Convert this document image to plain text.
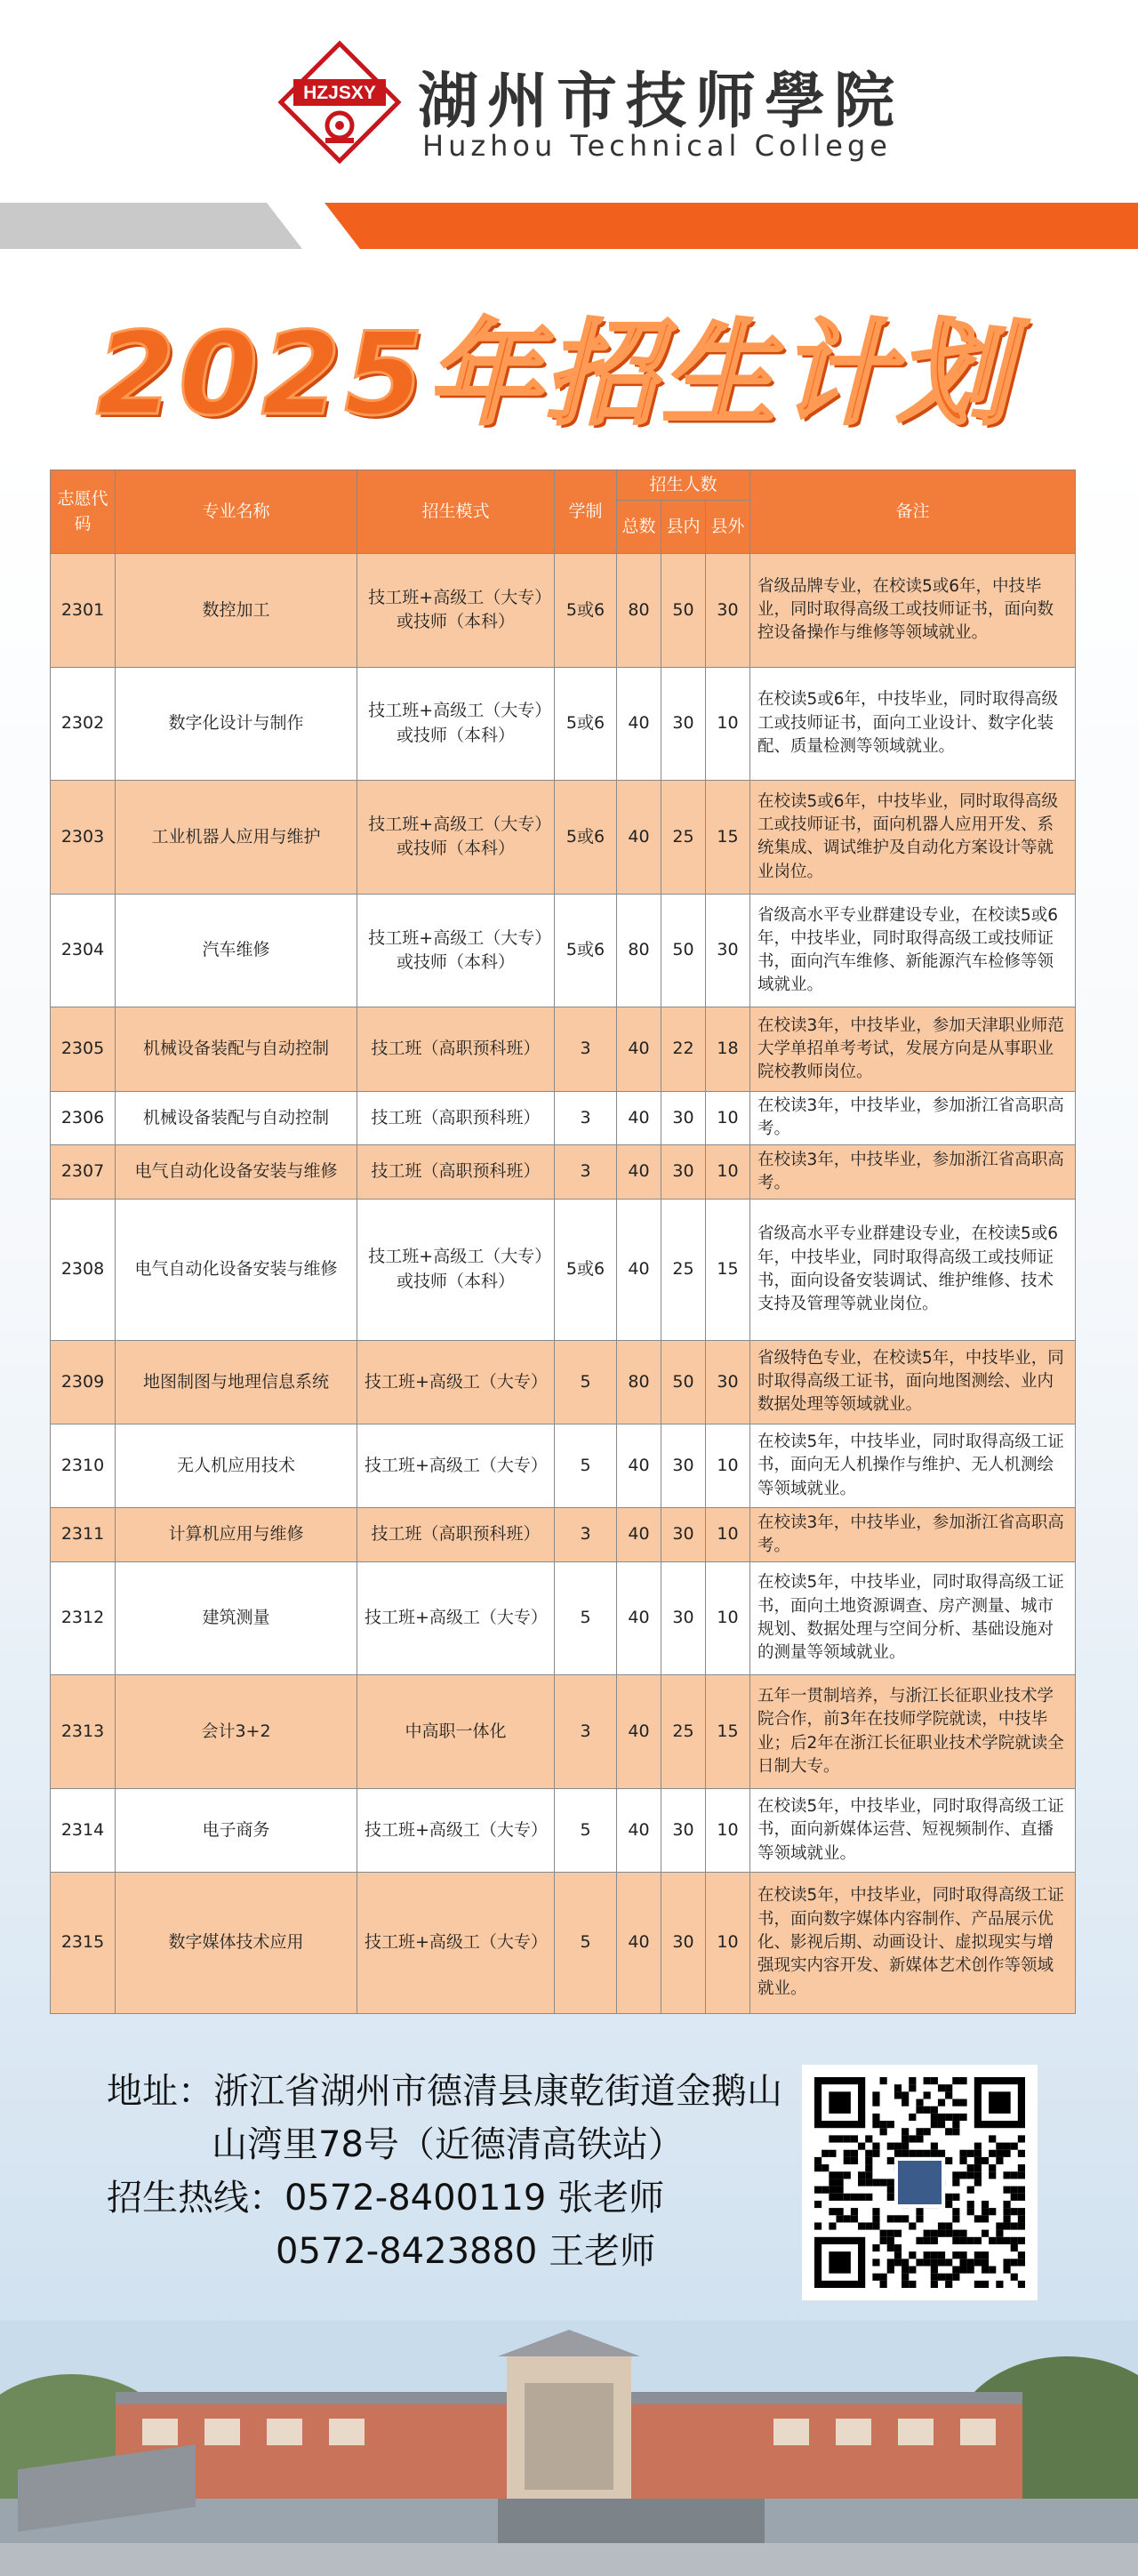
HZJSXY 湖州市技师學院
Huzhou Technical College
2025年招生计划
志愿代码	专业名称	招生模式	学制	招生人数			备注
				总数	县内	县外	
2301	数控加工	技工班+高级工（大专）或技师（本科）	5或6	80	50	30	省级品牌专业，在校读5或6年，中技毕业，同时取得高级工或技师证书，面向数控设备操作与维修等领域就业。
2302	数字化设计与制作	技工班+高级工（大专）或技师（本科）	5或6	40	30	10	在校读5或6年，中技毕业，同时取得高级工或技师证书，面向工业设计、数字化装配、质量检测等领域就业。
2303	工业机器人应用与维护	技工班+高级工（大专）或技师（本科）	5或6	40	25	15	在校读5或6年，中技毕业，同时取得高级工或技师证书，面向机器人应用开发、系统集成、调试维护及自动化方案设计等就业岗位。
2304	汽车维修	技工班+高级工（大专）或技师（本科）	5或6	80	50	30	省级高水平专业群建设专业，在校读5或6年，中技毕业，同时取得高级工或技师证书，面向汽车维修、新能源汽车检修等领域就业。
2305	机械设备装配与自动控制	技工班（高职预科班）	3	40	22	18	在校读3年，中技毕业，参加天津职业师范大学单招单考考试，发展方向是从事职业院校教师岗位。
2306	机械设备装配与自动控制	技工班（高职预科班）	3	40	30	10	在校读3年，中技毕业，参加浙江省高职高考。
2307	电气自动化设备安装与维修	技工班（高职预科班）	3	40	30	10	在校读3年，中技毕业，参加浙江省高职高考。
2308	电气自动化设备安装与维修	技工班+高级工（大专）或技师（本科）	5或6	40	25	15	省级高水平专业群建设专业，在校读5或6年，中技毕业，同时取得高级工或技师证书，面向设备安装调试、维护维修、技术支持及管理等就业岗位。
2309	地图制图与地理信息系统	技工班+高级工（大专）	5	80	50	30	省级特色专业，在校读5年，中技毕业，同时取得高级工证书，面向地图测绘、业内数据处理等领域就业。
2310	无人机应用技术	技工班+高级工（大专）	5	40	30	10	在校读5年，中技毕业，同时取得高级工证书，面向无人机操作与维护、无人机测绘等领域就业。
2311	计算机应用与维修	技工班（高职预科班）	3	40	30	10	在校读3年，中技毕业，参加浙江省高职高考。
2312	建筑测量	技工班+高级工（大专）	5	40	30	10	在校读5年，中技毕业，同时取得高级工证书，面向土地资源调查、房产测量、城市规划、数据处理与空间分析、基础设施对的测量等领域就业。
2313	会计3+2	中高职一体化	3	40	25	15	五年一贯制培养，与浙江长征职业技术学院合作，前3年在技师学院就读，中技毕业；后2年在浙江长征职业技术学院就读全日制大专。
2314	电子商务	技工班+高级工（大专）	5	40	30	10	在校读5年，中技毕业，同时取得高级工证书，面向新媒体运营、短视频制作、直播等领域就业。
2315	数字媒体技术应用	技工班+高级工（大专）	5	40	30	10	在校读5年，中技毕业，同时取得高级工证书，面向数字媒体内容制作、产品展示优化、影视后期、动画设计、虚拟现实与增强现实内容开发、新媒体艺术创作等领域就业。
地址：浙江省湖州市德清县康乾街道金鹅山
山湾里78号（近德清高铁站）
招生热线：0572-8400119 张老师
0572-8423880 王老师
